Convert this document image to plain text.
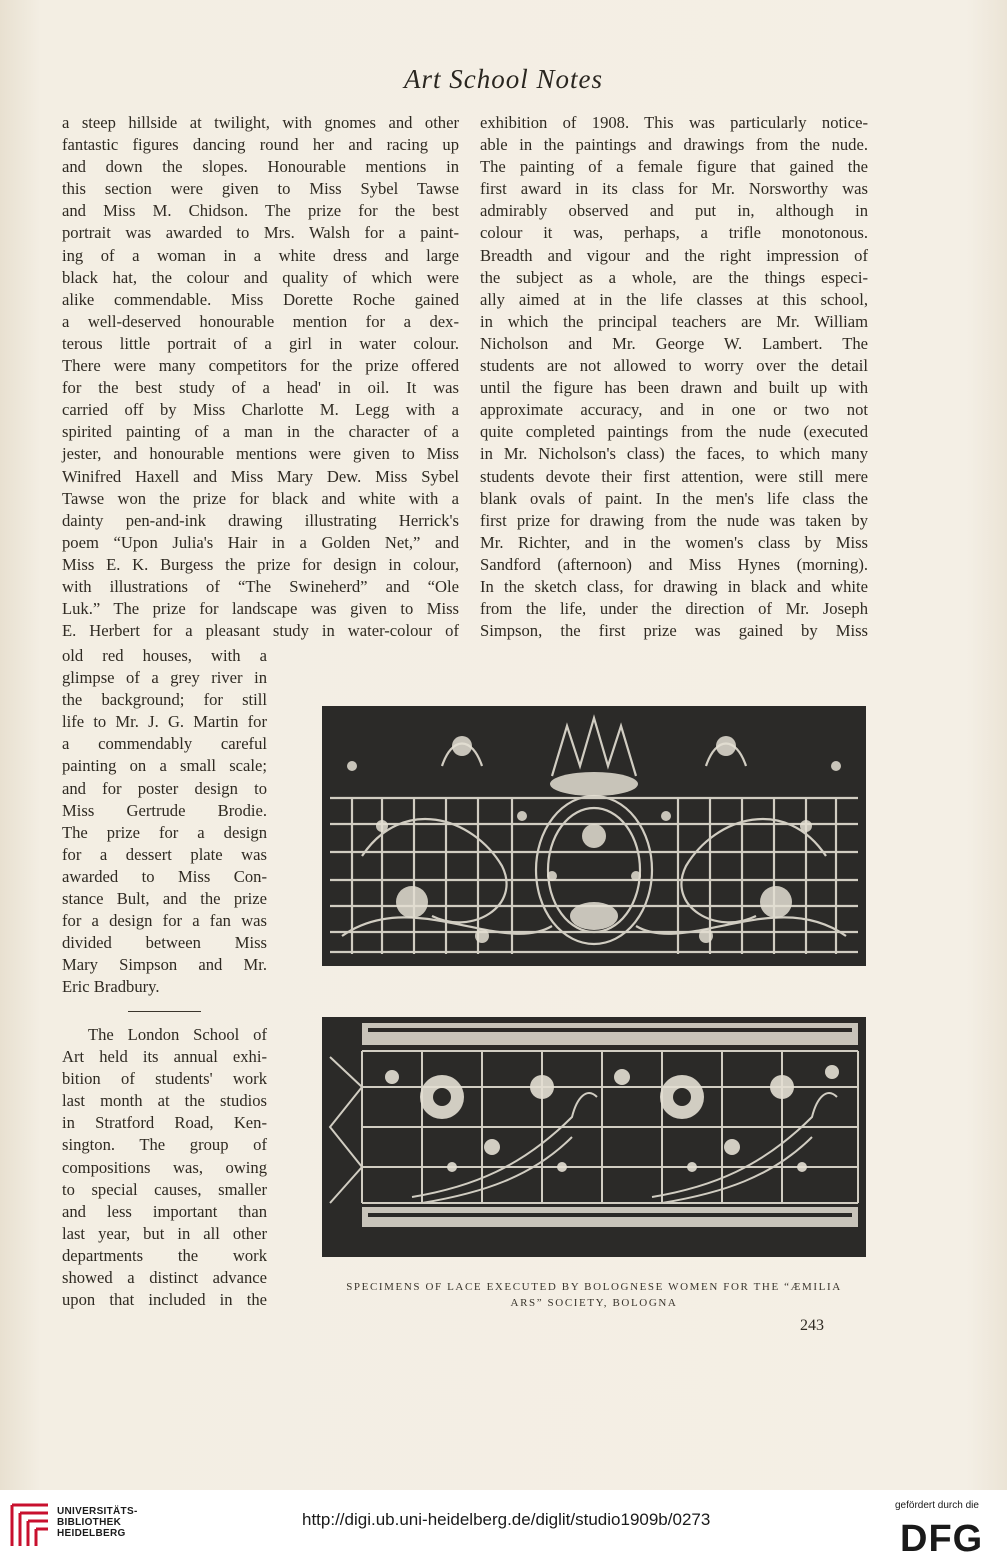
Art School Notes
a steep hillside at twilight, with gnomes and other
fantastic figures dancing round her and racing up
and down the slopes. Honourable mentions in
this section were given to Miss Sybel Tawse
and Miss M. Chidson. The prize for the best
portrait was awarded to Mrs. Walsh for a paint-
ing of a woman in a white dress and large
black hat, the colour and quality of which were
alike commendable. Miss Dorette Roche gained
a well-deserved honourable mention for a dex-
terous little portrait of a girl in water colour.
There were many competitors for the prize offered
for the best study of a head' in oil. It was
carried off by Miss Charlotte M. Legg with a
spirited painting of a man in the character of a
jester, and honourable mentions were given to Miss
Winifred Haxell and Miss Mary Dew. Miss Sybel
Tawse won the prize for black and white with a
dainty pen-and-ink drawing illustrating Herrick's
poem “Upon Julia's Hair in a Golden Net,” and
Miss E. K. Burgess the prize for design in colour,
with illustrations of “The Swineherd” and “Ole
Luk.” The prize for landscape was given to Miss
E. Herbert for a pleasant study in water-colour of
exhibition of 1908. This was particularly notice-
able in the paintings and drawings from the nude.
The painting of a female figure that gained the
first award in its class for Mr. Norsworthy was
admirably observed and put in, although in
colour it was, perhaps, a trifle monotonous.
Breadth and vigour and the right impression of
the subject as a whole, are the things especi-
ally aimed at in the life classes at this school,
in which the principal teachers are Mr. William
Nicholson and Mr. George W. Lambert. The
students are not allowed to worry over the detail
until the figure has been drawn and built up with
approximate accuracy, and in one or two not
quite completed paintings from the nude (executed
in Mr. Nicholson's class) the faces, to which many
students devote their first attention, were still mere
blank ovals of paint. In the men's life class the
first prize for drawing from the nude was taken by
Mr. Richter, and in the women's class by Miss
Sandford (afternoon) and Miss Hynes (morning).
In the sketch class, for drawing in black and white
from the life, under the direction of Mr. Joseph
Simpson, the first prize was gained by Miss
old red houses, with a
glimpse of a grey river in
the background; for still
life to Mr. J. G. Martin for
a commendably careful
painting on a small scale;
and for poster design to
Miss Gertrude Brodie.
The prize for a design
for a dessert plate was
awarded to Miss Con-
stance Bult, and the prize
for a design for a fan was
divided between Miss
Mary Simpson and Mr.
Eric Bradbury.
The London School of
Art held its annual exhi-
bition of students' work
last month at the studios
in Stratford Road, Ken-
sington. The group of
compositions was, owing
to special causes, smaller
and less important than
last year, but in all other
departments the work
showed a distinct advance
upon that included in the
SPECIMENS OF LACE EXECUTED BY BOLOGNESE WOMEN FOR THE “ÆMILIA
ARS” SOCIETY, BOLOGNA
243
UNIVERSITÄTS-
BIBLIOTHEK
HEIDELBERG
http://digi.ub.uni-heidelberg.de/diglit/studio1909b/0273
gefördert durch die
DFG
